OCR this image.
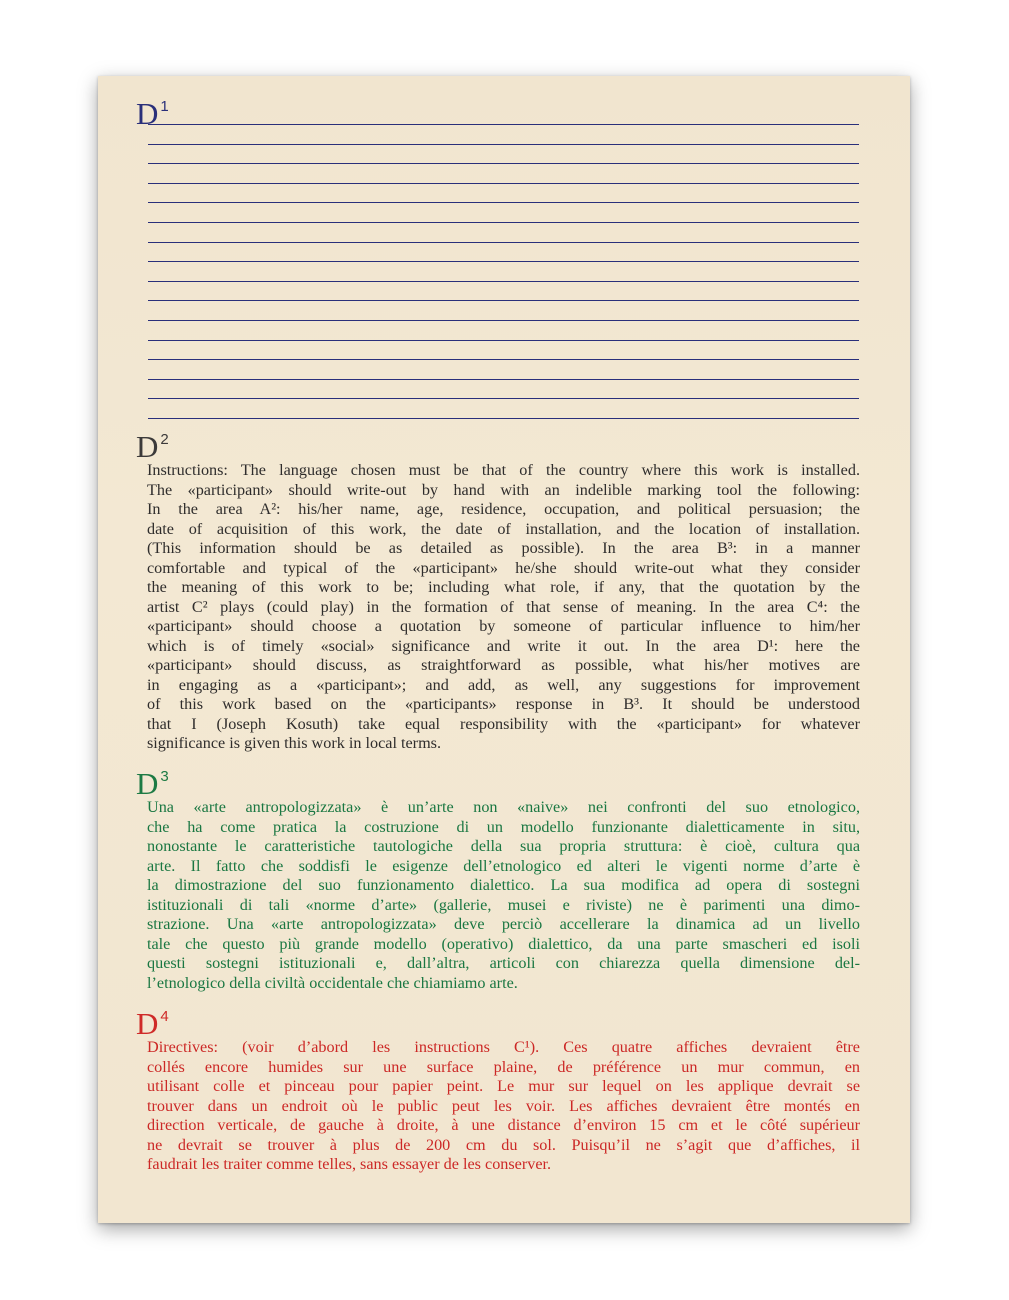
D $^1$
D $^2$
Instructions: The language chosen must be that of the country where this work is installed.
The «participant» should write-out by hand with an indelible marking tool the following:
In the area A²: his/her name, age, residence, occupation, and political persuasion; the
date of acquisition of this work, the date of installation, and the location of installation.
(This information should be as detailed as possible). In the area B³: in a manner
comfortable and typical of the «participant» he/she should write-out what they consider
the meaning of this work to be; including what role, if any, that the quotation by the
artist C² plays (could play) in the formation of that sense of meaning. In the area C⁴: the
«participant» should choose a quotation by someone of particular influence to him/her
which is of timely «social» significance and write it out. In the area D¹: here the
«participant» should discuss, as straightforward as possible, what his/her motives are
in engaging as a «participant»; and add, as well, any suggestions for improvement
of this work based on the «participants» response in B³. It should be understood
that I (Joseph Kosuth) take equal responsibility with the «participant» for whatever
significance is given this work in local terms.
D $^3$
Una «arte antropologizzata» è un’arte non «naive» nei confronti del suo etnologico,
che ha come pratica la costruzione di un modello funzionante dialetticamente in situ,
nonostante le caratteristiche tautologiche della sua propria struttura: è cioè, cultura qua
arte. Il fatto che soddisfi le esigenze dell’etnologico ed alteri le vigenti norme d’arte è
la dimostrazione del suo funzionamento dialettico. La sua modifica ad opera di sostegni
istituzionali di tali «norme d’arte» (gallerie, musei e riviste) ne è parimenti una dimo-
strazione. Una «arte antropologizzata» deve perciò accellerare la dinamica ad un livello
tale che questo più grande modello (operativo) dialettico, da una parte smascheri ed isoli
questi sostegni istituzionali e, dall’altra, articoli con chiarezza quella dimensione del-
l’etnologico della civiltà occidentale che chiamiamo arte.
D $^4$
Directives: (voir d’abord les instructions C¹). Ces quatre affiches devraient être
collés encore humides sur une surface plaine, de préférence un mur commun, en
utilisant colle et pinceau pour papier peint. Le mur sur lequel on les applique devrait se
trouver dans un endroit où le public peut les voir. Les affiches devraient être montés en
direction verticale, de gauche à droite, à une distance d’environ 15 cm et le côté supérieur
ne devrait se trouver à plus de 200 cm du sol. Puisqu’il ne s’agit que d’affiches, il
faudrait les traiter comme telles, sans essayer de les conserver.
